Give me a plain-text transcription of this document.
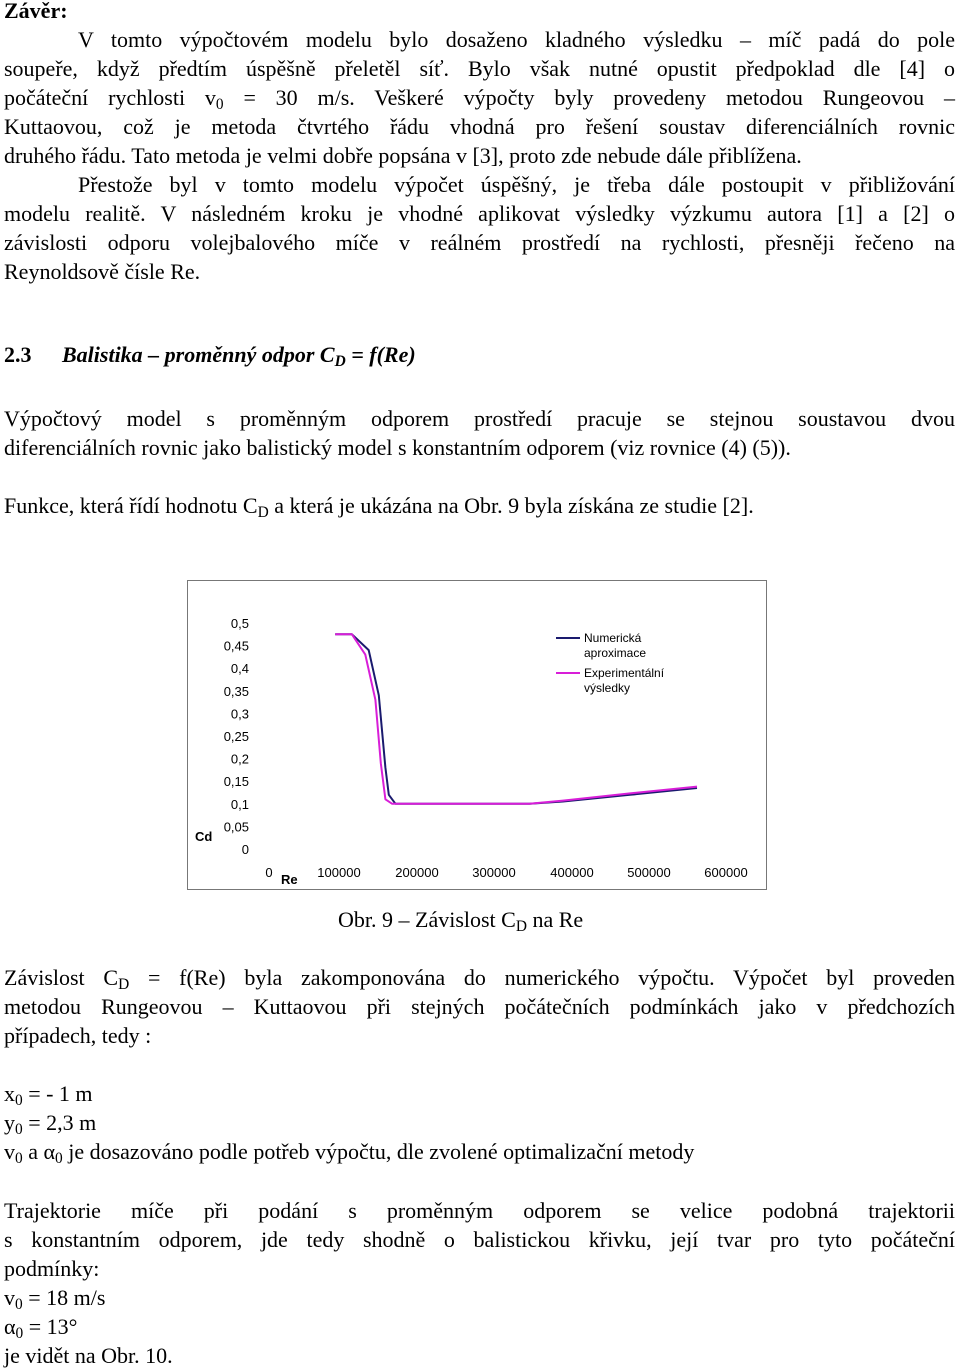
Závěr:
V tomto výpočtovém modelu bylo dosaženo kladného výsledku – míč padá do pole
soupeře, když předtím úspěšně přeletěl síť. Bylo však nutné opustit předpoklad dle [4] o
počáteční rychlosti $v_0 = 30$ m/s. Veškeré výpočty byly provedeny metodou Rungeovou –
Kuttaovou, což je metoda čtvrtého řádu vhodná pro řešení soustav diferenciálních rovnic
druhého řádu. Tato metoda je velmi dobře popsána v [3], proto zde nebude dále přiblížena.
Přestože byl v tomto modelu výpočet úspěšný, je třeba dále postoupit v přibližování
modelu realitě. V následném kroku je vhodné aplikovat výsledky výzkumu autora [1] a [2] o
závislosti odporu volejbalového míče v reálném prostředí na rychlosti, přesněji řečeno na
Reynoldsově čísle Re.
2.3 Balistika – proměnný odpor $C_D = f(Re)$
Výpočtový model s proměnným odporem prostředí pracuje se stejnou soustavou dvou
diferenciálních rovnic jako balistický model s konstantním odporem (viz rovnice (4) (5)).
Funkce, která řídí hodnotu $C_D$ a která je ukázána na Obr. 9 byla získána ze studie [2].
0,5
0,45
0,4
0,35
0,3
0,25
0,2
0,15
0,1
0,05
0
0	100000	200000	300000	400000	500000	600000
Cd
Re
Numerická
aproximace
Experimentální
výsledky
Obr. 9 – Závislost $C_D$ na Re
Závislost $C_D = f(Re)$ byla zakomponována do numerického výpočtu. Výpočet byl proveden
metodou Rungeovou – Kuttaovou při stejných počátečních podmínkách jako v předchozích
případech, tedy :
$x_0$ = - 1 m
$y_0 = 2,3$ m
$v_0$ a $\alpha_0$ je dosazováno podle potřeb výpočtu, dle zvolené optimalizační metody
Trajektorie míče při podání s proměnným odporem se velice podobná trajektorii
s konstantním odporem, jde tedy shodně o balistickou křivku, její tvar pro tyto počáteční
podmínky:
$v_0 = 18$ m/s
$\alpha_0 = 13^\circ$
je vidět na Obr. 10.
